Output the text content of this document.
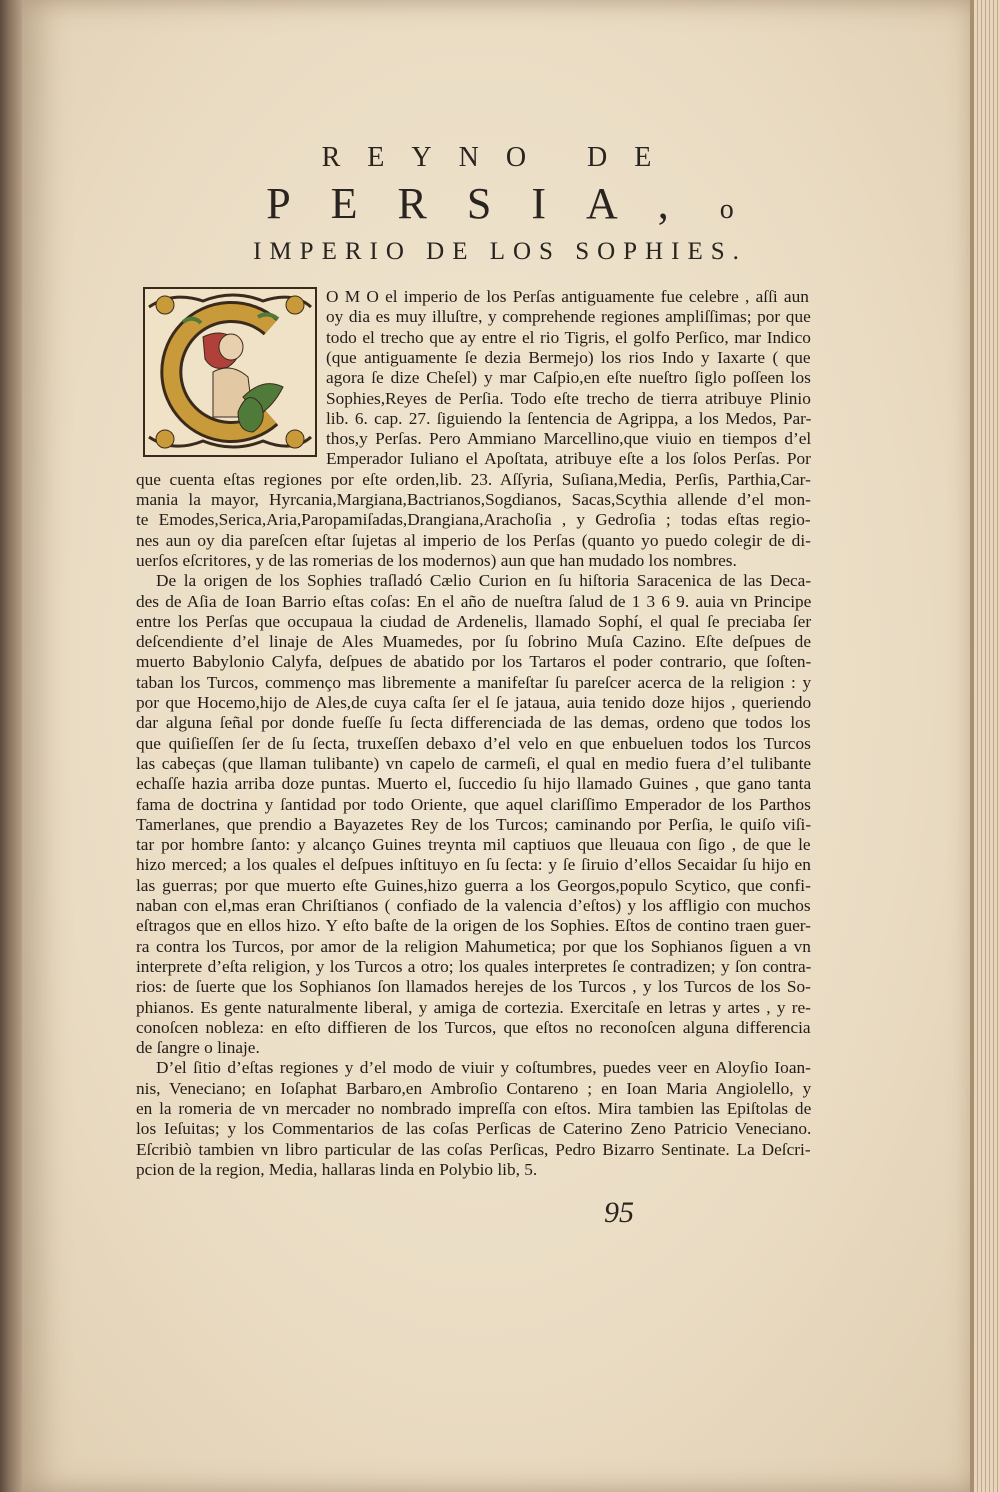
REYNO DE
PERSIA, o
IMPERIO DE LOS SOPHIES.
O M O el imperio de los Perſas antiguamente fue celebre , aſſi aun
oy dia es muy illuſtre, y comprehende regiones ampliſſimas; por que
todo el trecho que ay entre el rio Tigris, el golfo Perſico, mar Indico
(que antiguamente ſe dezia Bermejo) los rios Indo y Iaxarte ( que
agora ſe dize Cheſel) y mar Caſpio,en eſte nueſtro ſiglo poſſeen los
Sophies,Reyes de Perſia. Todo eſte trecho de tierra atribuye Plinio
lib. 6. cap. 27. ſiguiendo la ſentencia de Agrippa, a los Medos, Par-
thos,y Perſas. Pero Ammiano Marcellino,que viuio en tiempos d’el
Emperador Iuliano el Apoſtata, atribuye eſte a los ſolos Perſas. Por
que cuenta eſtas regiones por eſte orden,lib. 23. Aſſyria, Suſiana,Media, Perſis, Parthia,Car-
mania la mayor, Hyrcania,Margiana,Bactrianos,Sogdianos, Sacas,Scythia allende d’el mon-
te Emodes,Serica,Aria,Paropamiſadas,Drangiana,Arachoſia , y Gedroſia ; todas eſtas regio-
nes aun oy dia pareſcen eſtar ſujetas al imperio de los Perſas (quanto yo puedo colegir de di-
uerſos eſcritores, y de las romerias de los modernos) aun que han mudado los nombres.
De la origen de los Sophies traſladó Cælio Curion en ſu hiſtoria Saracenica de las Deca-
des de Aſia de Ioan Barrio eſtas coſas: En el año de nueſtra ſalud de 1 3 6 9. auia vn Principe
entre los Perſas que occupaua la ciudad de Ardenelis, llamado Sophí, el qual ſe preciaba ſer
deſcendiente d’el linaje de Ales Muamedes, por ſu ſobrino Muſa Cazino. Eſte deſpues de
muerto Babylonio Calyfa, deſpues de abatido por los Tartaros el poder contrario, que ſoſten-
taban los Turcos, commenço mas libremente a manifeſtar ſu pareſcer acerca de la religion : y
por que Hocemo,hijo de Ales,de cuya caſta ſer el ſe jataua, auia tenido doze hijos , queriendo
dar alguna ſeñal por donde fueſſe ſu ſecta differenciada de las demas, ordeno que todos los
que quiſieſſen ſer de ſu ſecta, truxeſſen debaxo d’el velo en que enbueluen todos los Turcos
las cabeças (que llaman tulibante) vn capelo de carmeſi, el qual en medio fuera d’el tulibante
echaſſe hazia arriba doze puntas. Muerto el, ſuccedio ſu hijo llamado Guines , que gano tanta
fama de doctrina y ſantidad por todo Oriente, que aquel clariſſimo Emperador de los Parthos
Tamerlanes, que prendio a Bayazetes Rey de los Turcos; caminando por Perſia, le quiſo viſi-
tar por hombre ſanto: y alcanço Guines treynta mil captiuos que lleuaua con ſigo , de que le
hizo merced; a los quales el deſpues inſtituyo en ſu ſecta: y ſe ſiruio d’ellos Secaidar ſu hijo en
las guerras; por que muerto eſte Guines,hizo guerra a los Georgos,populo Scytico, que confi-
naban con el,mas eran Chriſtianos ( confiado de la valencia d’eſtos) y los affligio con muchos
eſtragos que en ellos hizo. Y eſto baſte de la origen de los Sophies. Eſtos de contino traen guer-
ra contra los Turcos, por amor de la religion Mahumetica; por que los Sophianos ſiguen a vn
interprete d’eſta religion, y los Turcos a otro; los quales interpretes ſe contradizen; y ſon contra-
rios: de ſuerte que los Sophianos ſon llamados herejes de los Turcos , y los Turcos de los So-
phianos. Es gente naturalmente liberal, y amiga de cortezia. Exercitaſe en letras y artes , y re-
conoſcen nobleza: en eſto diffieren de los Turcos, que eſtos no reconoſcen alguna differencia
de ſangre o linaje.
D’el ſitio d’eſtas regiones y d’el modo de viuir y coſtumbres, puedes veer en Aloyſio Ioan-
nis, Veneciano; en Ioſaphat Barbaro,en Ambroſio Contareno ; en Ioan Maria Angiolello, y
en la romeria de vn mercader no nombrado impreſſa con eſtos. Mira tambien las Epiſtolas de
los Ieſuitas; y los Commentarios de las coſas Perſicas de Caterino Zeno Patricio Veneciano.
Eſcribiò tambien vn libro particular de las coſas Perſicas, Pedro Bizarro Sentinate. La Deſcri-
pcion de la region, Media, hallaras linda en Polybio lib, 5.
95
